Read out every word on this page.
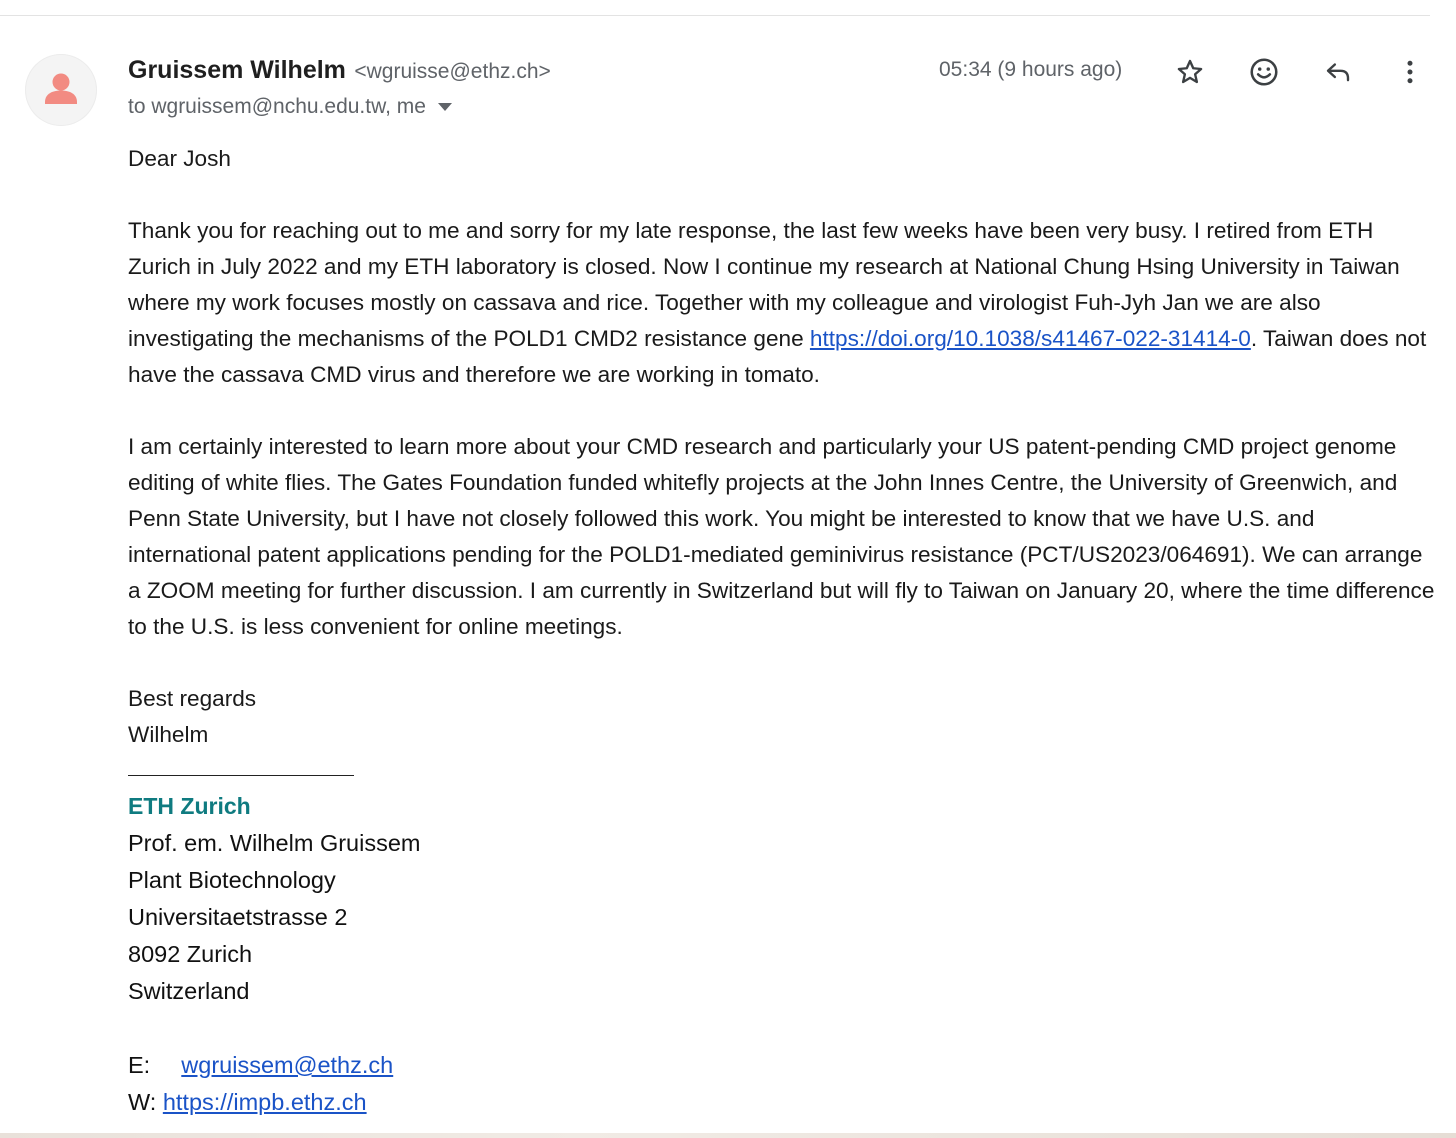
Gruissem Wilhelm <wgruisse@ethz.ch>
to wgruissem@nchu.edu.tw, me
05:34 (9 hours ago)

Dear Josh

Thank you for reaching out to me and sorry for my late response, the last few weeks have been very busy. I retired from ETH Zurich in July 2022 and my ETH laboratory is closed. Now I continue my research at National Chung Hsing University in Taiwan where my work focuses mostly on cassava and rice. Together with my colleague and virologist Fuh-Jyh Jan we are also investigating the mechanisms of the POLD1 CMD2 resistance gene https://doi.org/10.1038/s41467-022-31414-0. Taiwan does not have the cassava CMD virus and therefore we are working in tomato.

I am certainly interested to learn more about your CMD research and particularly your US patent-pending CMD project genome editing of white flies. The Gates Foundation funded whitefly projects at the John Innes Centre, the University of Greenwich, and Penn State University, but I have not closely followed this work. You might be interested to know that we have U.S. and international patent applications pending for the POLD1-mediated geminivirus resistance (PCT/US2023/064691). We can arrange a ZOOM meeting for further discussion. I am currently in Switzerland but will fly to Taiwan on January 20, where the time difference to the U.S. is less convenient for online meetings.

Best regards

Wilhelm

ETH Zurich
Prof. em. Wilhelm Gruissem
Plant Biotechnology
Universitaetstrasse 2
8092 Zurich
Switzerland
E: wgruissem@ethz.ch
W: https://impb.ethz.ch
